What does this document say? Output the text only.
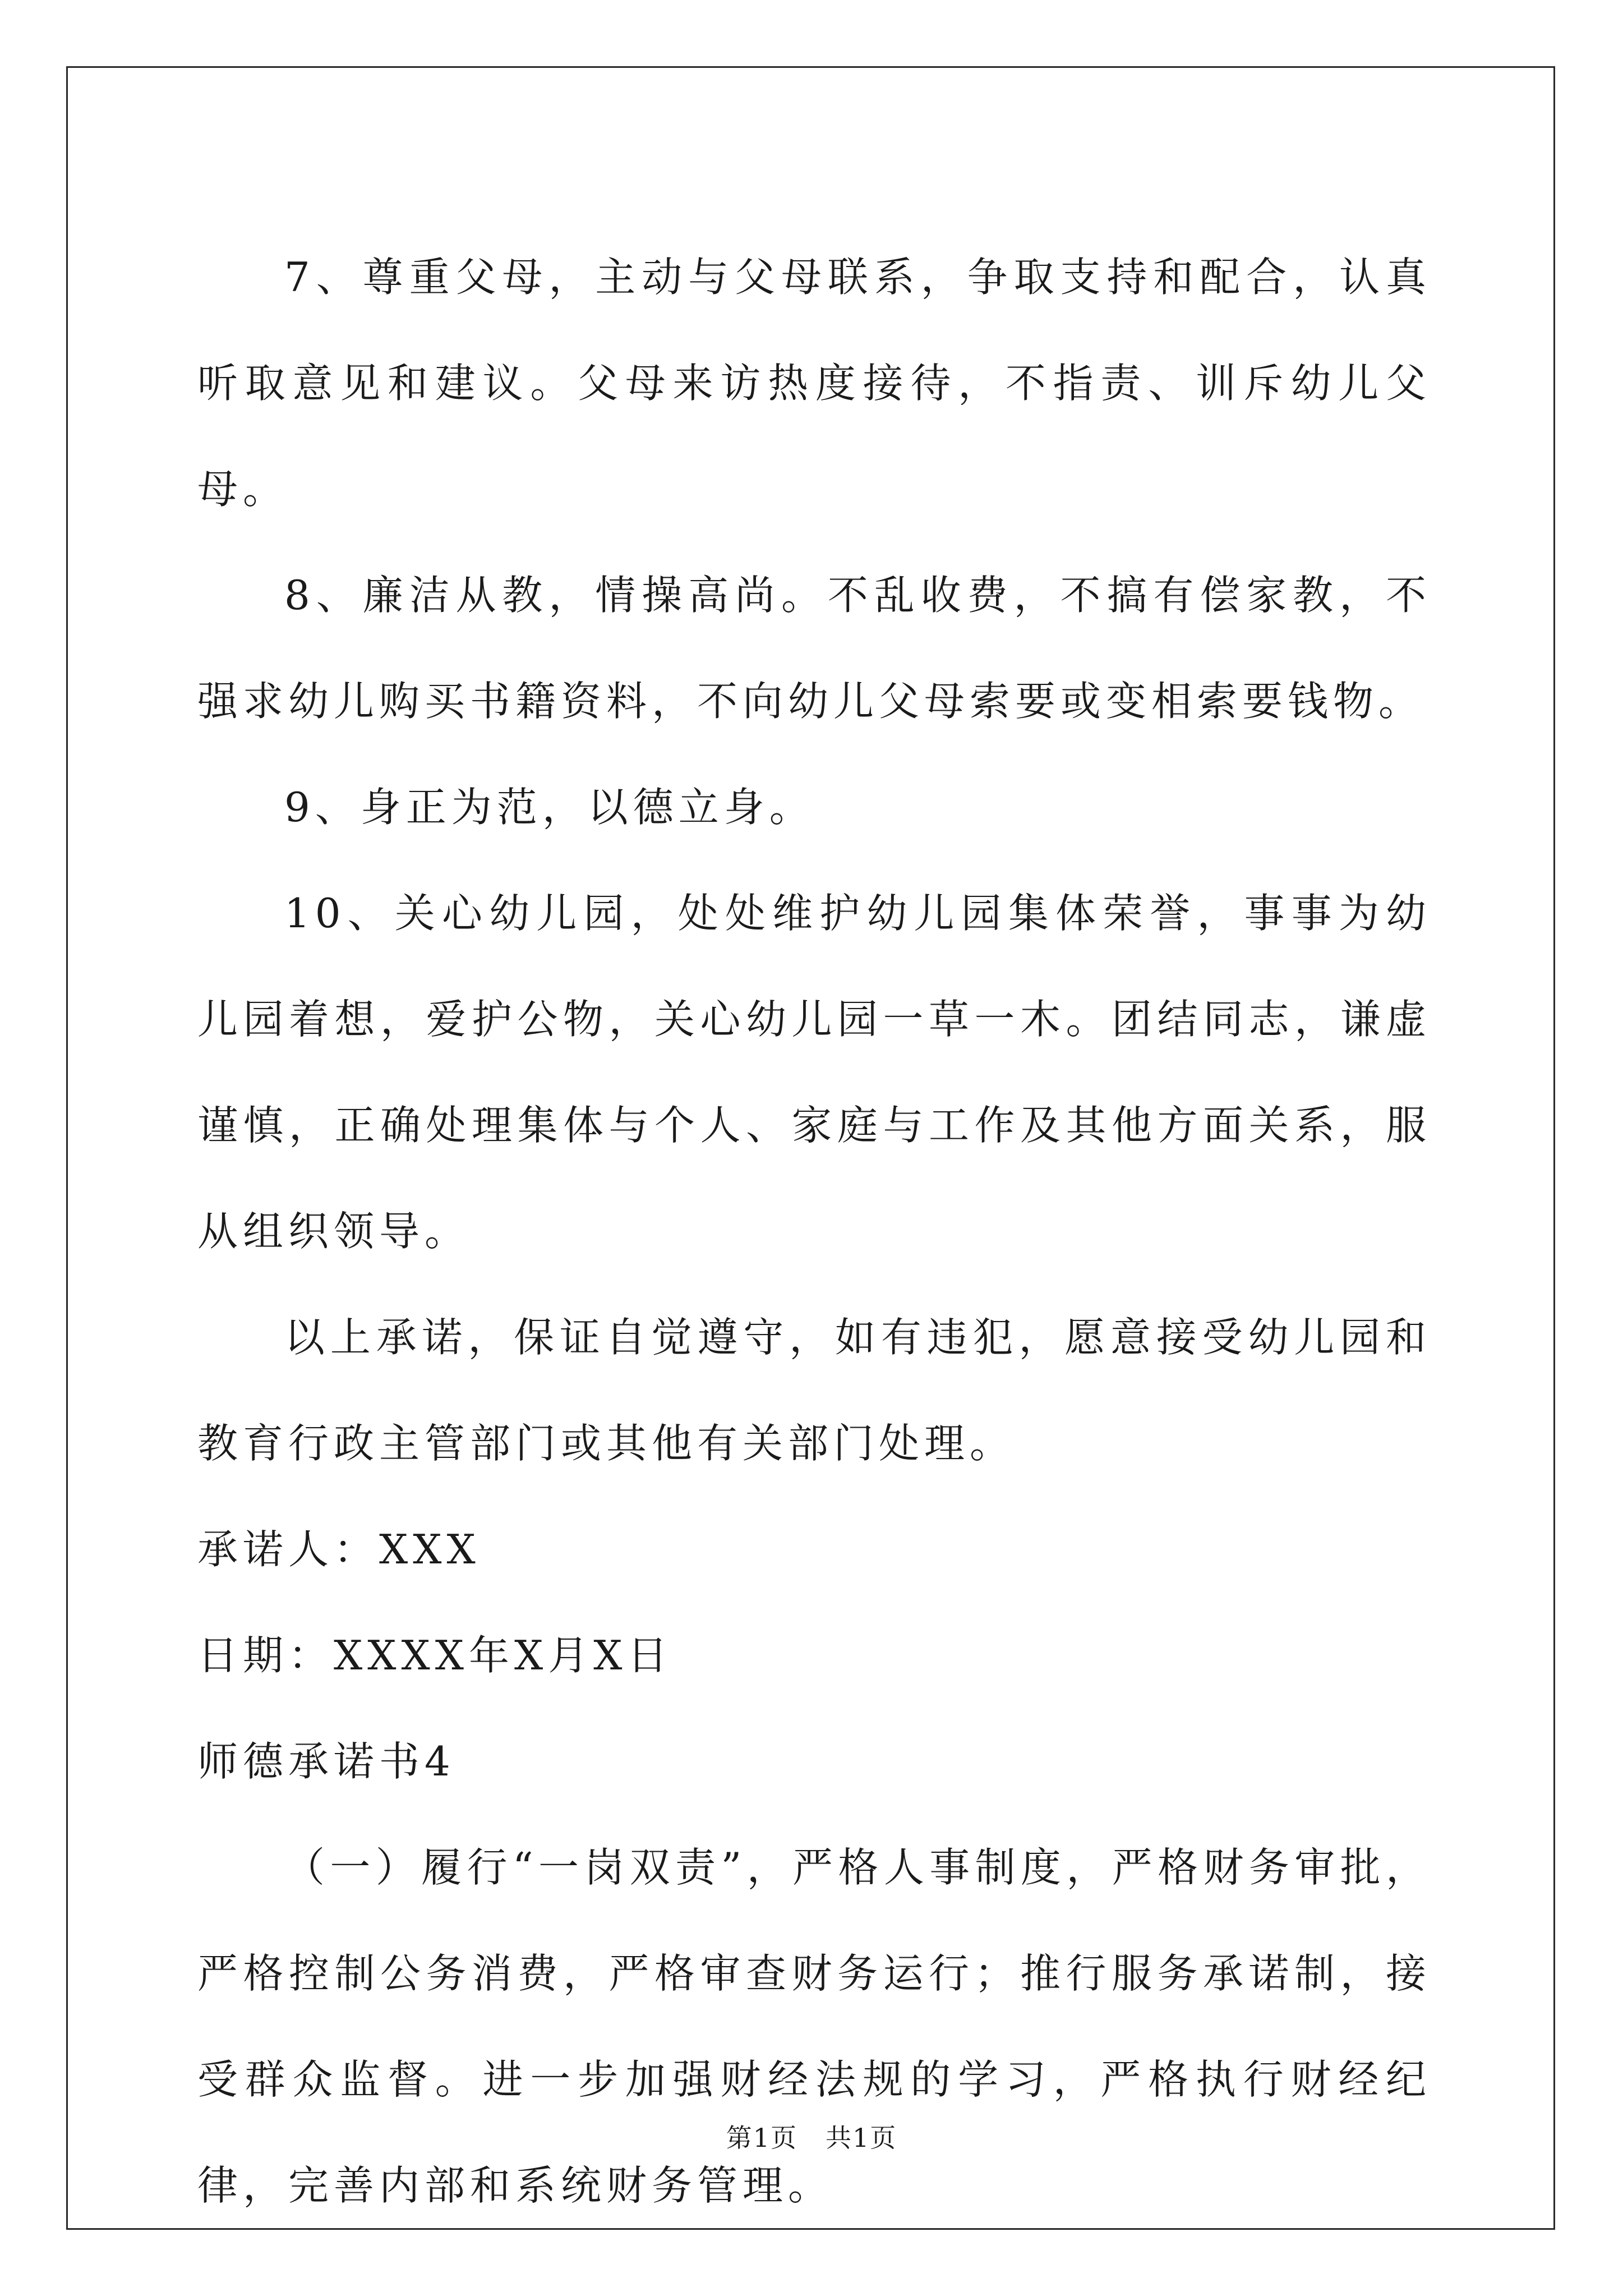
7、尊重父母，主动与父母联系，争取支持和配合，认真听取意见和建议。父母来访热度接待，不指责、训斥幼儿父母。

8、廉洁从教，情操高尚。不乱收费，不搞有偿家教，不强求幼儿购买书籍资料，不向幼儿父母索要或变相索要钱物。

9、身正为范，以德立身。

10、关心幼儿园，处处维护幼儿园集体荣誉，事事为幼儿园着想，爱护公物，关心幼儿园一草一木。团结同志，谦虚谨慎，正确处理集体与个人、家庭与工作及其他方面关系，服从组织领导。

以上承诺，保证自觉遵守，如有违犯，愿意接受幼儿园和教育行政主管部门或其他有关部门处理。

承诺人：XXX

日期：XXXX年X月X日

师德承诺书4

（一）履行“一岗双责”，严格人事制度，严格财务审批，严格控制公务消费，严格审查财务运行；推行服务承诺制，接受群众监督。进一步加强财经法规的学习，严格执行财经纪律，完善内部和系统财务管理。

第1页 共1页
